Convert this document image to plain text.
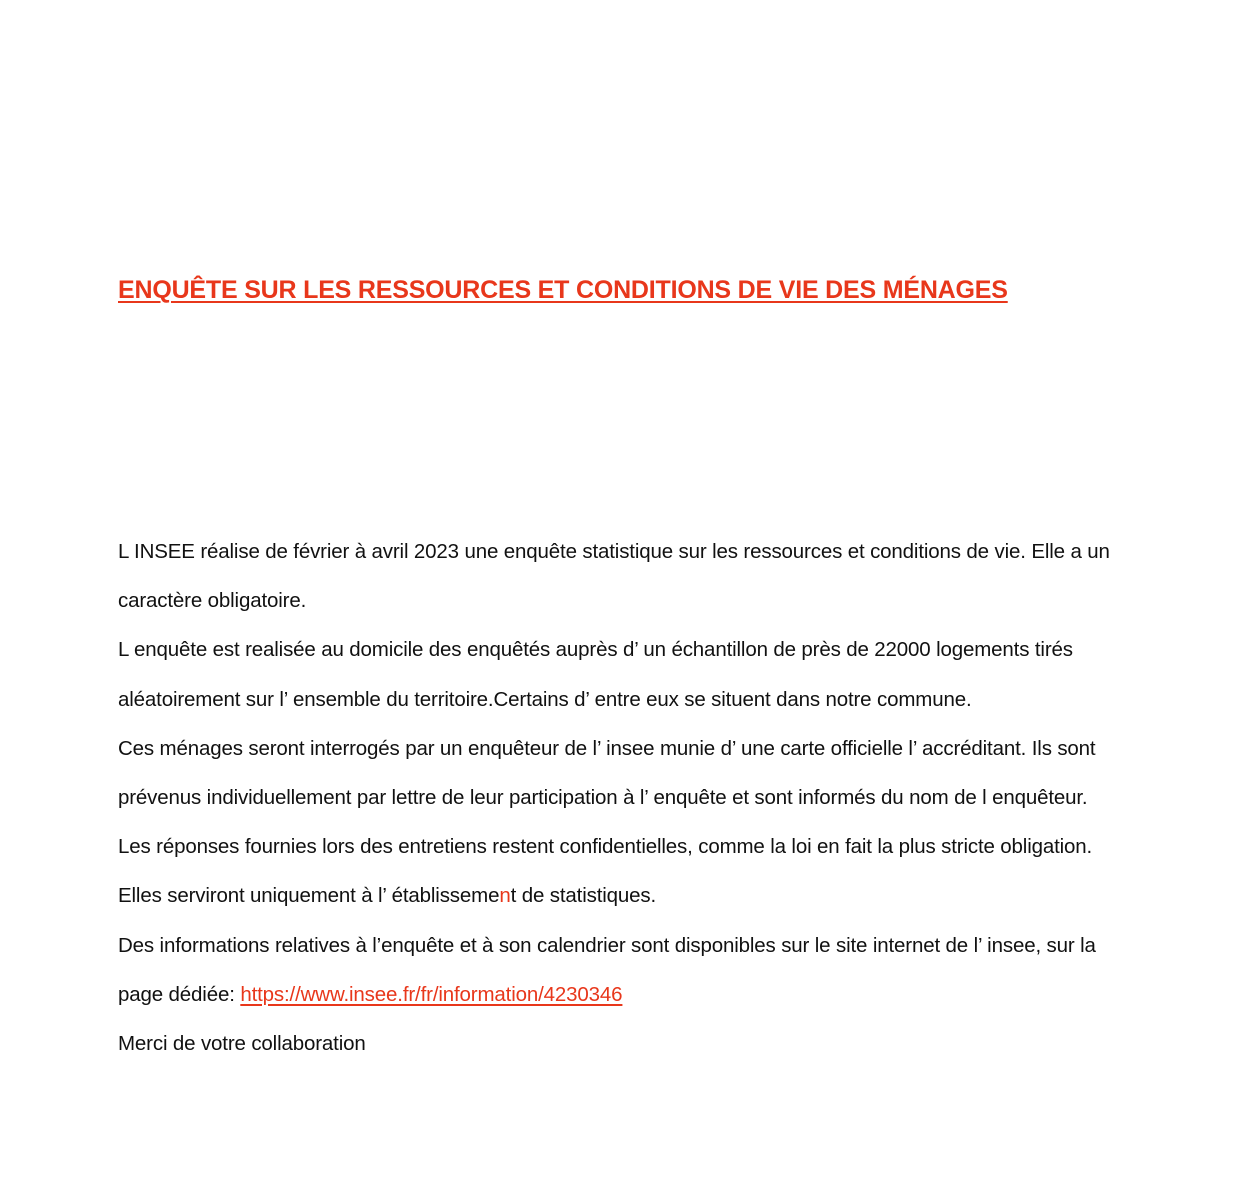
ENQUÊTE SUR LES RESSOURCES ET CONDITIONS DE VIE DES MÉNAGES

L INSEE réalise de février à avril 2023 une enquête statistique sur les ressources et conditions de vie. Elle a un caractère obligatoire.

L enquête est realisée au domicile des enquêtés auprès d’ un échantillon de près de 22000 logements tirés aléatoirement sur l’ ensemble du territoire.Certains d’ entre eux se situent dans notre commune.

Ces ménages seront interrogés par un enquêteur de l’ insee munie d’ une carte officielle l’ accréditant. Ils sont prévenus individuellement par lettre de leur participation à l’ enquête et sont informés du nom de l enquêteur. Les réponses fournies lors des entretiens restent confidentielles, comme la loi en fait la plus stricte obligation. Elles serviront uniquement à l’ établissement de statistiques.

Des informations relatives à l’enquête et à son calendrier sont disponibles sur le site internet de l’ insee, sur la page dédiée: https://www.insee.fr/fr/information/4230346

Merci de votre collaboration
